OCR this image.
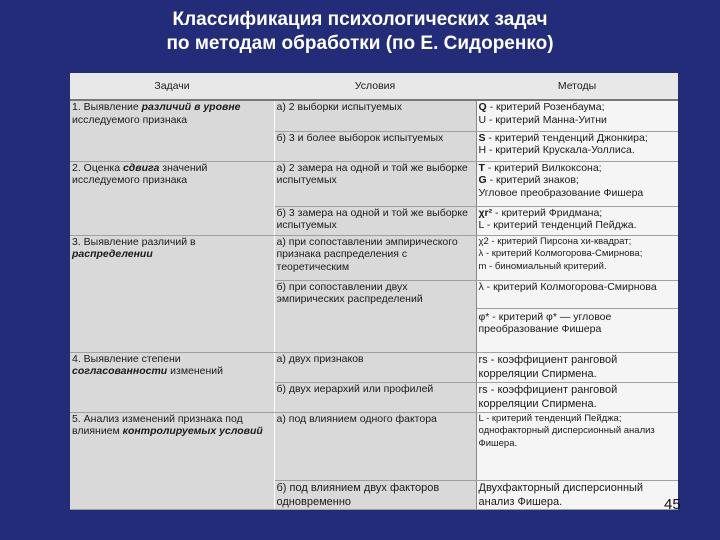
Классификация психологических задач
по методам обработки (по Е. Сидоренко)
Задачи	Условия	Методы
1. Выявление различий в уровне исследуемого признака	а) 2 выборки испытуемых	Q - критерий Розенбаума;
U - критерий Манна-Уитни
	б) 3 и более выборок испытуемых	S - критерий тенденций Джонкира;
H - критерий Крускала-Уоллиса.
2. Оценка сдвига значений исследуемого признака	а) 2 замера на одной и той же выборке испытуемых	T - критерий Вилкоксона;
G - критерий знаков;
Угловое преобразование Фишера
	б) 3 замера на одной и той же выборке испытуемых	χr² - критерий Фридмана;
L - критерий тенденций Пейджа.
3. Выявление различий в распределении	а) при сопоставлении эмпирического признака распределения с теоретическим	χ2 - критерий Пирсона хи-квадрат;
λ - критерий Колмогорова-Смирнова;
m - биномиальный критерий.
	б) при сопоставлении двух эмпирических распределений	λ - критерий Колмогорова-Смирнова
		φ* - критерий φ* — угловое преобразование Фишера
4. Выявление степени согласованности изменений	а) двух признаков	rs - коэффициент ранговой корреляции Спирмена.
	б) двух иерархий или профилей	rs - коэффициент ранговой корреляции Спирмена.
5. Анализ изменений признака под влиянием контролируемых условий	а) под влиянием одного фактора	L - критерий тенденций Пейджа; однофакторный дисперсионный анализ Фишера.
	б) под влиянием двух факторов одновременно	Двухфакторный дисперсионный анализ Фишера.	45
